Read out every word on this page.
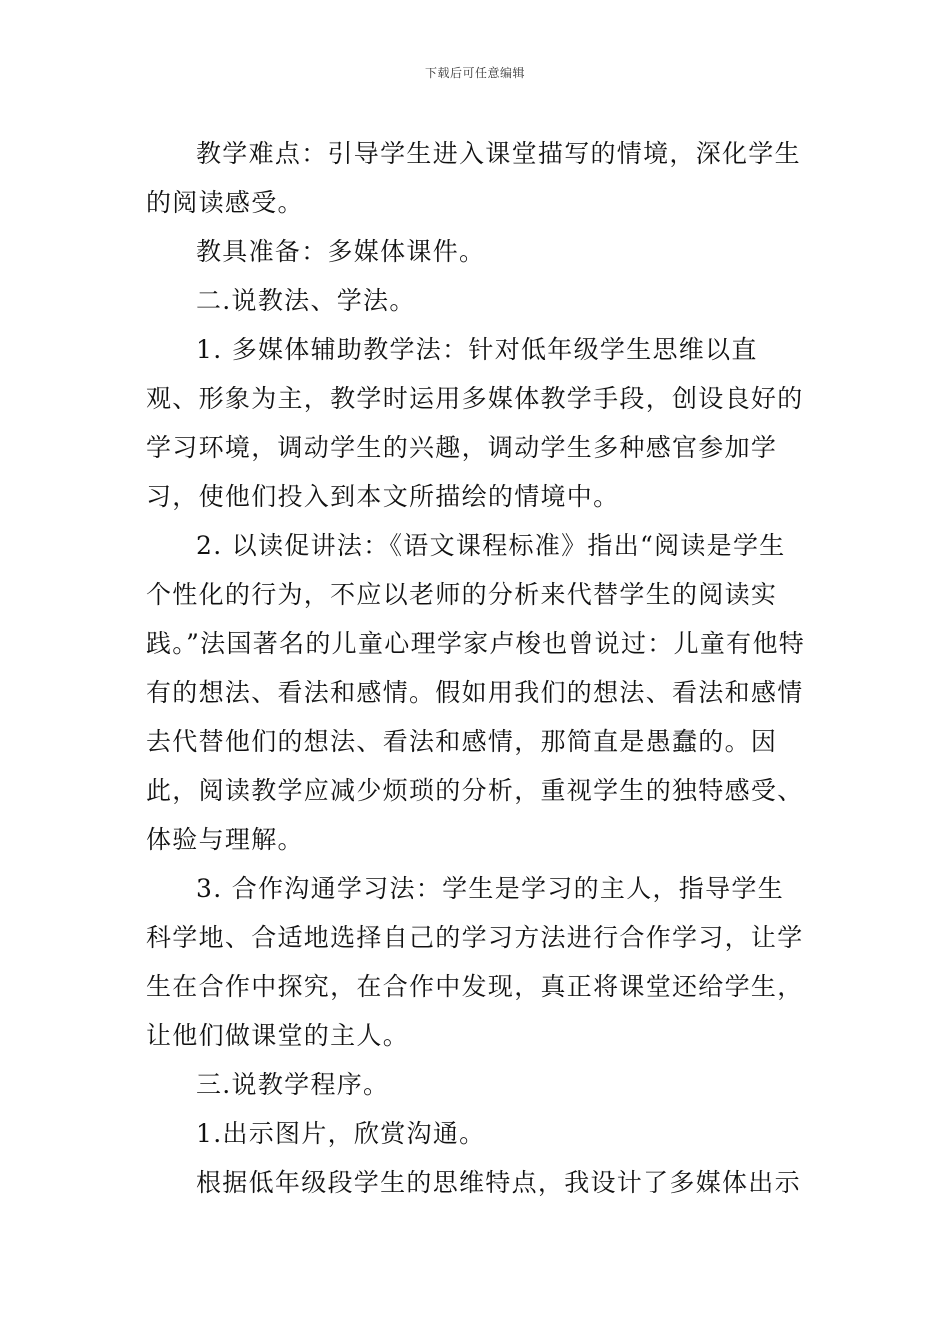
下载后可任意编辑

教学难点：引导学生进入课堂描写的情境，深化学生的阅读感受。

教具准备：多媒体课件。

二.说教法、学法。

1. 多媒体辅助教学法：针对低年级学生思维以直观、形象为主，教学时运用多媒体教学手段，创设良好的学习环境，调动学生的兴趣，调动学生多种感官参加学习，使他们投入到本文所描绘的情境中。

2. 以读促讲法：《语文课程标准》指出“阅读是学生个性化的行为，不应以老师的分析来代替学生的阅读实践。”法国著名的儿童心理学家卢梭也曾说过：儿童有他特有的想法、看法和感情。假如用我们的想法、看法和感情去代替他们的想法、看法和感情，那简直是愚蠢的。因此，阅读教学应减少烦琐的分析，重视学生的独特感受、体验与理解。

3. 合作沟通学习法：学生是学习的主人，指导学生科学地、合适地选择自己的学习方法进行合作学习，让学生在合作中探究，在合作中发现，真正将课堂还给学生，让他们做课堂的主人。

三.说教学程序。

1.出示图片，欣赏沟通。

根据低年级段学生的思维特点，我设计了多媒体出示
